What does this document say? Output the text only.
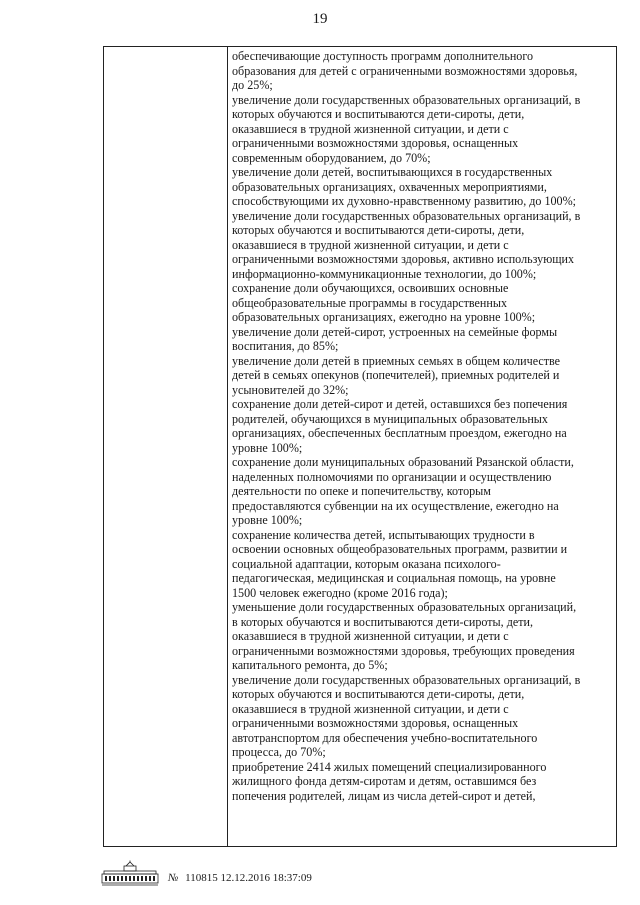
19
обеспечивающие доступность программ дополнительного
образования для детей с ограниченными возможностями здоровья,
до 25%;
увеличение доли государственных образовательных организаций, в
которых обучаются и воспитываются дети-сироты, дети,
оказавшиеся в трудной жизненной ситуации, и дети с
ограниченными возможностями здоровья, оснащенных
современным оборудованием, до 70%;
увеличение доли детей, воспитывающихся в государственных
образовательных организациях, охваченных мероприятиями,
способствующими их духовно-нравственному развитию, до 100%;
увеличение доли государственных образовательных организаций, в
которых обучаются и воспитываются дети-сироты, дети,
оказавшиеся в трудной жизненной ситуации, и дети с
ограниченными возможностями здоровья, активно использующих
информационно-коммуникационные технологии, до 100%;
сохранение доли обучающихся, освоивших основные
общеобразовательные программы в государственных
образовательных организациях, ежегодно на уровне 100%;
увеличение доли детей-сирот, устроенных на семейные формы
воспитания, до 85%;
увеличение доли детей в приемных семьях в общем количестве
детей в семьях опекунов (попечителей), приемных родителей и
усыновителей до 32%;
сохранение доли детей-сирот и детей, оставшихся без попечения
родителей, обучающихся в муниципальных образовательных
организациях, обеспеченных бесплатным проездом, ежегодно на
уровне 100%;
сохранение доли муниципальных образований Рязанской области,
наделенных полномочиями по организации и осуществлению
деятельности по опеке и попечительству, которым
предоставляются субвенции на их осуществление, ежегодно на
уровне 100%;
сохранение количества детей, испытывающих трудности в
освоении основных общеобразовательных программ, развитии и
социальной адаптации, которым оказана психолого-
педагогическая, медицинская и социальная помощь, на уровне
1500 человек ежегодно (кроме 2016 года);
уменьшение доли государственных образовательных организаций,
в которых обучаются и воспитываются дети-сироты, дети,
оказавшиеся в трудной жизненной ситуации, и дети с
ограниченными возможностями здоровья, требующих проведения
капитального ремонта, до 5%;
увеличение доли государственных образовательных организаций, в
которых обучаются и воспитываются дети-сироты, дети,
оказавшиеся в трудной жизненной ситуации, и дети с
ограниченными возможностями здоровья, оснащенных
автотранспортом для обеспечения учебно-воспитательного
процесса, до 70%;
приобретение 2414 жилых помещений специализированного
жилищного фонда детям-сиротам и детям, оставшимся без
попечения родителей, лицам из числа детей-сирот и детей,
№ 110815 12.12.2016 18:37:09
